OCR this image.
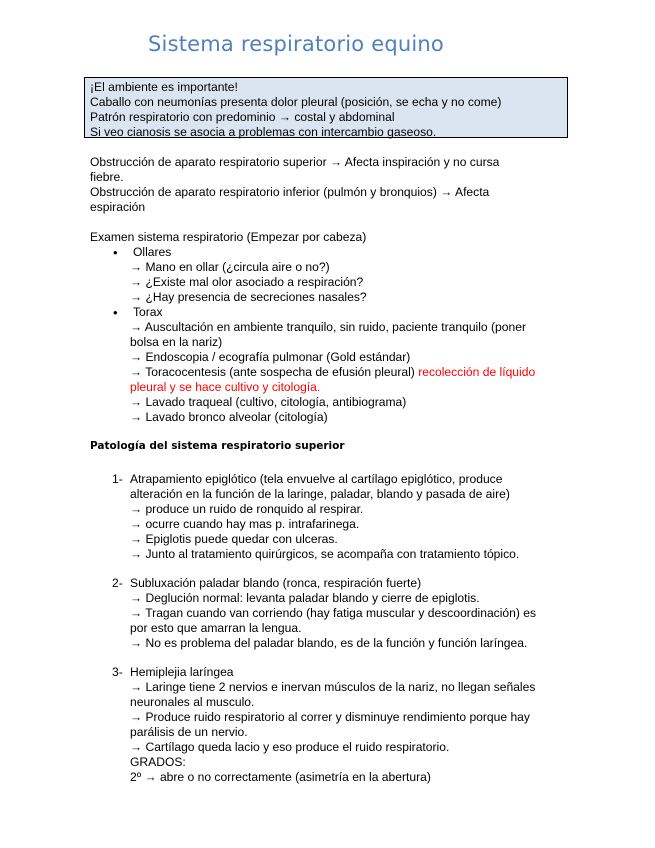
Sistema respiratorio equino
¡El ambiente es importante!
Caballo con neumonías presenta dolor pleural (posición, se echa y no come)
Patrón respiratorio con predominio → costal y abdominal
Si veo cianosis se asocia a problemas con intercambio gaseoso.
Obstrucción de aparato respiratorio superior → Afecta inspiración y no cursa
fiebre.
Obstrucción de aparato respiratorio inferior (pulmón y bronquios) → Afecta
espiración
Examen sistema respiratorio (Empezar por cabeza)
• Ollares
→ Mano en ollar (¿circula aire o no?)
→ ¿Existe mal olor asociado a respiración?
→ ¿Hay presencia de secreciones nasales?
• Torax
→ Auscultación en ambiente tranquilo, sin ruido, paciente tranquilo (poner
bolsa en la nariz)
→ Endoscopia / ecografía pulmonar (Gold estándar)
→ Toracocentesis (ante sospecha de efusión pleural) recolección de líquido
pleural y se hace cultivo y citología.
→ Lavado traqueal (cultivo, citología, antibiograma)
→ Lavado bronco alveolar (citología)
Patología del sistema respiratorio superior
1- Atrapamiento epiglótico (tela envuelve al cartílago epiglótico, produce
alteración en la función de la laringe, paladar, blando y pasada de aire)
→ produce un ruido de ronquido al respirar.
→ ocurre cuando hay mas p. intrafarinega.
→ Epiglotis puede quedar con ulceras.
→ Junto al tratamiento quirúrgicos, se acompaña con tratamiento tópico.
2- Subluxación paladar blando (ronca, respiración fuerte)
→ Deglución normal: levanta paladar blando y cierre de epiglotis.
→ Tragan cuando van corriendo (hay fatiga muscular y descoordinación) es
por esto que amarran la lengua.
→ No es problema del paladar blando, es de la función y función laríngea.
3- Hemiplejia laríngea
→ Laringe tiene 2 nervios e inervan músculos de la nariz, no llegan señales
neuronales al musculo.
→ Produce ruido respiratorio al correr y disminuye rendimiento porque hay
parálisis de un nervio.
→ Cartílago queda lacio y eso produce el ruido respiratorio.
GRADOS:
2º → abre o no correctamente (asimetría en la abertura)
